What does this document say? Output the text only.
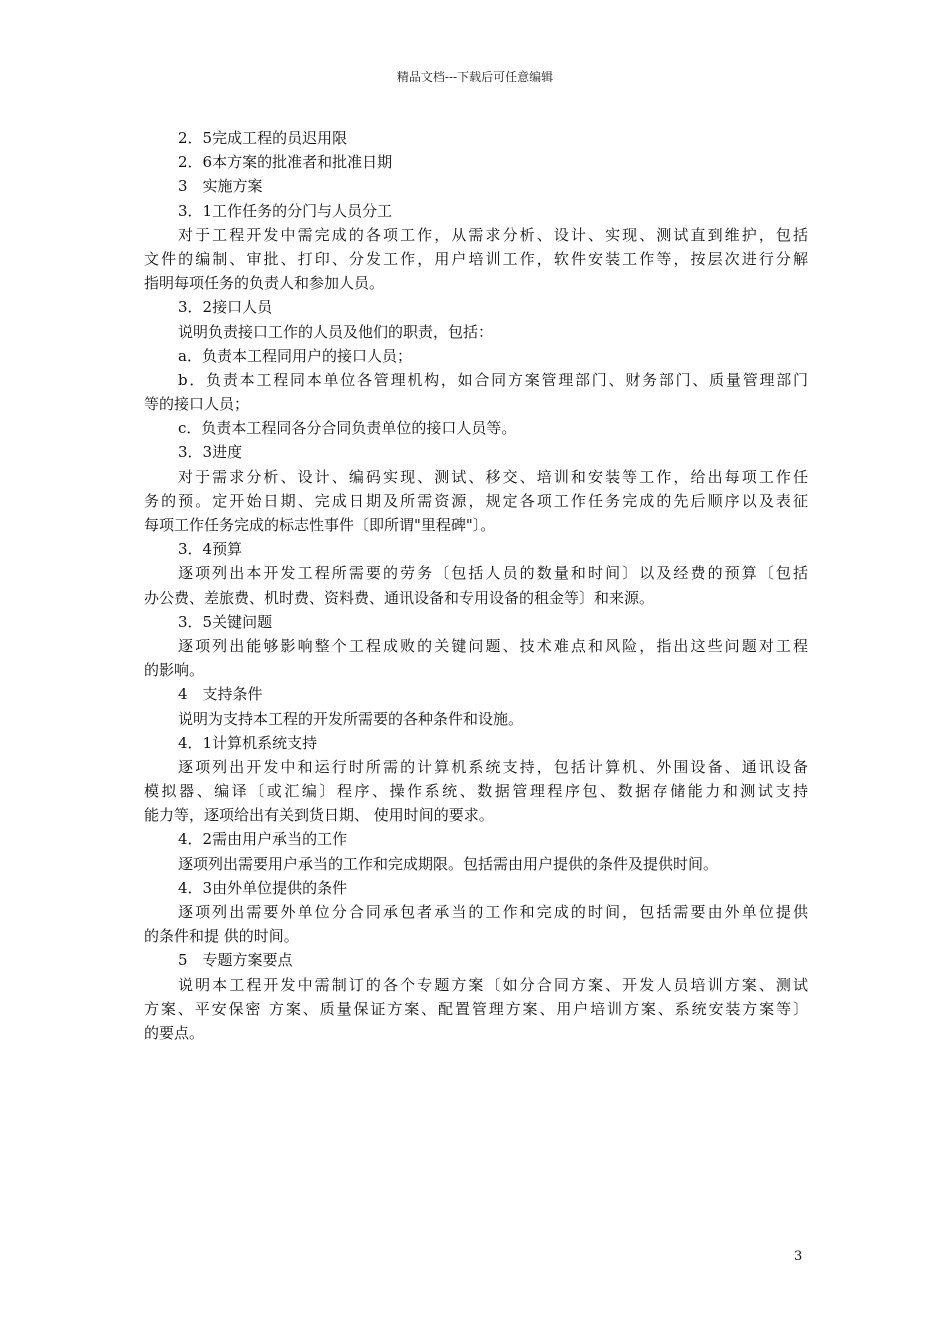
精品文档---下载后可任意编辑
2．5完成工程的员迟用限
2．6本方案的批准者和批准日期
3　实施方案
3．1工作任务的分门与人员分工
对于工程开发中需完成的各项工作，从需求分析、设计、实现、测试直到维护，包括
文件的编制、审批、打印、分发工作，用户培训工作，软件安装工作等，按层次进行分解
指明每项任务的负责人和参加人员。
3．2接口人员
说明负责接口工作的人员及他们的职责，包括：
a．负责本工程同用户的接口人员；
b．负责本工程同本单位各管理机构，如合同方案管理部门、财务部门、质量管理部门
等的接口人员；
c．负责本工程同各分合同负责单位的接口人员等。
3．3进度
对于需求分析、设计、编码实现、测试、移交、培训和安装等工作，给出每项工作任
务的预。定开始日期、完成日期及所需资源，规定各项工作任务完成的先后顺序以及表征
每项工作任务完成的标志性事件〔即所谓"里程碑"〕。
3．4预算
逐项列出本开发工程所需要的劳务〔包括人员的数量和时间〕以及经费的预算〔包括
办公费、差旅费、机时费、资料费、通讯设备和专用设备的租金等〕和来源。
3．5关键问题
逐项列出能够影响整个工程成败的关键问题、技术难点和风险，指出这些问题对工程
的影响。
4　支持条件
说明为支持本工程的开发所需要的各种条件和设施。
4．1计算机系统支持
逐项列出开发中和运行时所需的计算机系统支持，包括计算机、外围设备、通讯设备
模拟器、编译〔或汇编〕程序、操作系统、数据管理程序包、数据存储能力和测试支持
能力等，逐项给出有关到货日期、 使用时间的要求。
4．2需由用户承当的工作
逐项列出需要用户承当的工作和完成期限。包括需由用户提供的条件及提供时间。
4．3由外单位提供的条件
逐项列出需要外单位分合同承包者承当的工作和完成的时间，包括需要由外单位提供
的条件和提 供的时间。
5　专题方案要点
说明本工程开发中需制订的各个专题方案〔如分合同方案、开发人员培训方案、测试
方案、平安保密 方案、质量保证方案、配置管理方案、用户培训方案、系统安装方案等〕
的要点。
3
